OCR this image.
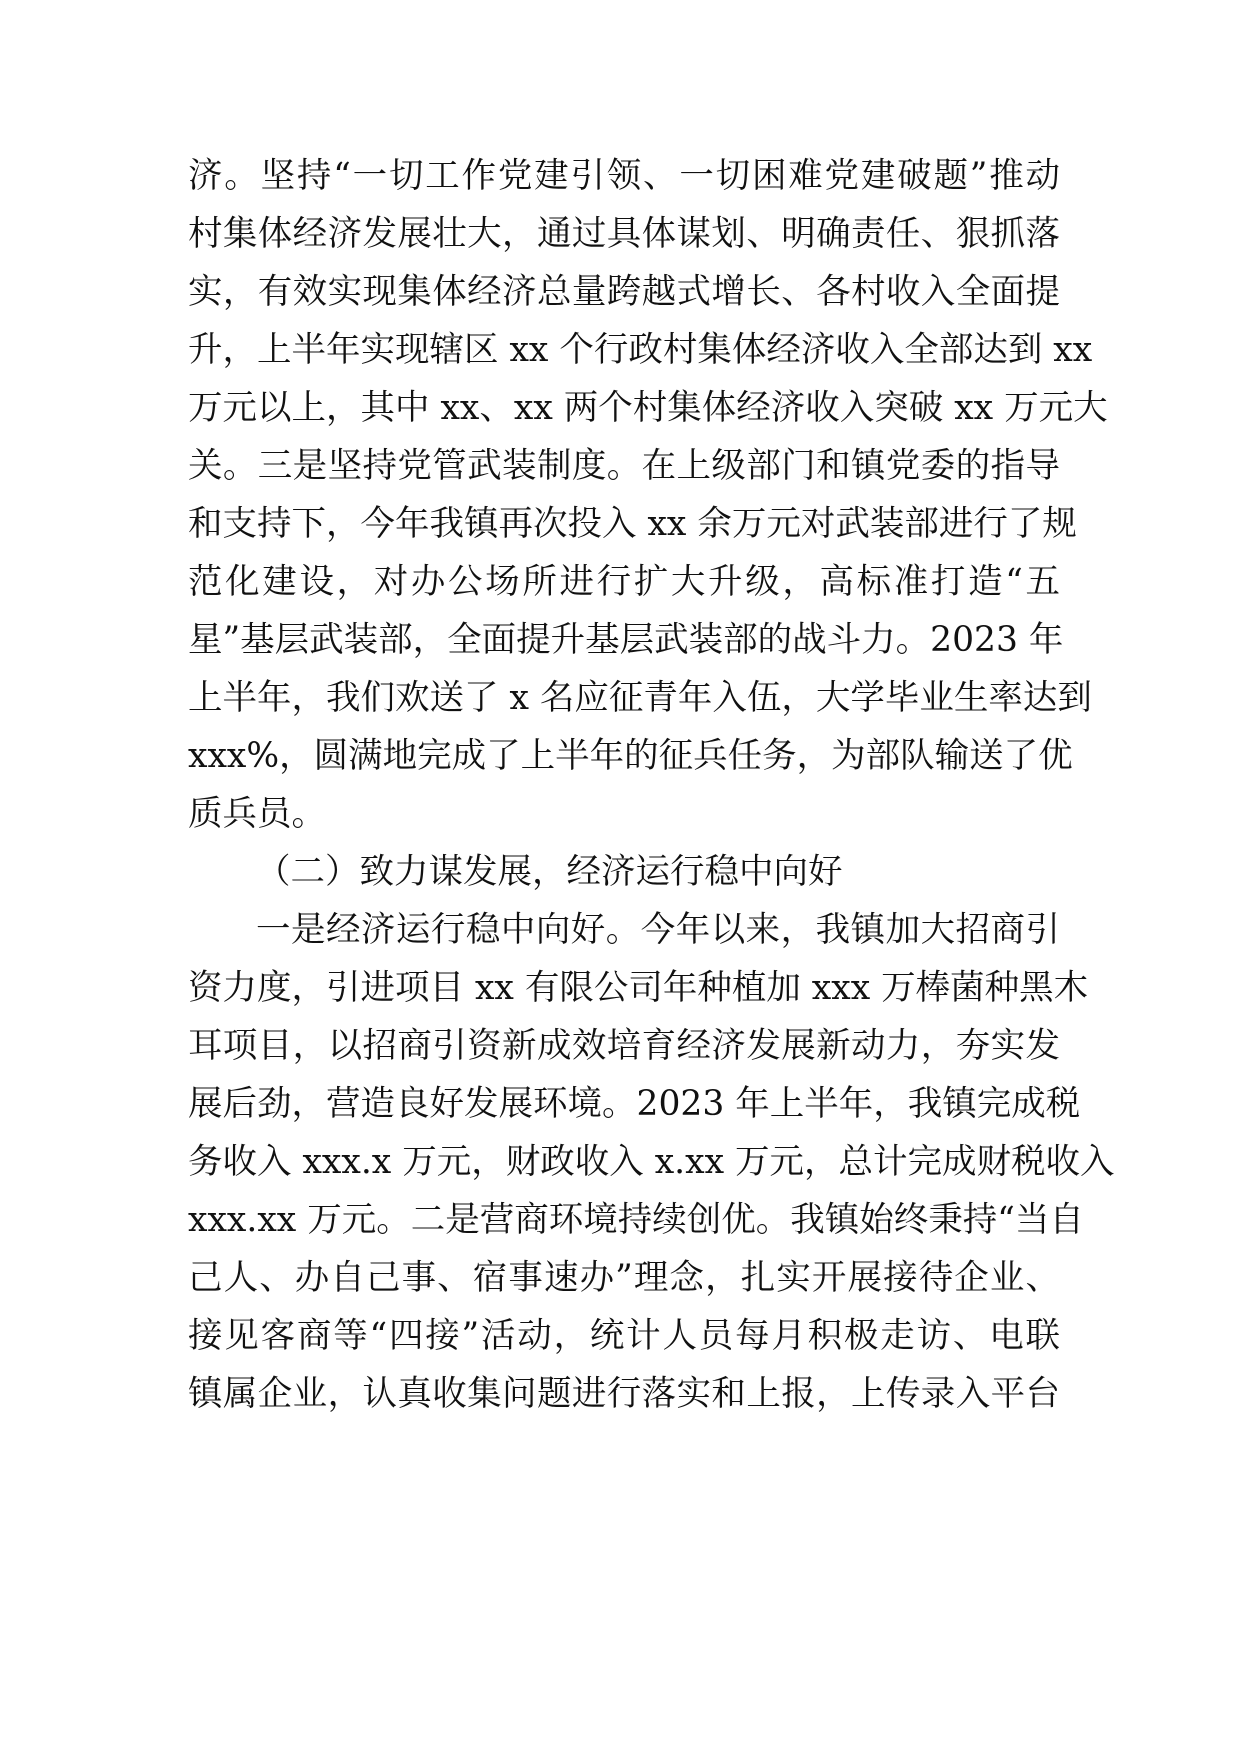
济。坚持“一切工作党建引领、一切困难党建破题”推动
村集体经济发展壮大，通过具体谋划、明确责任、狠抓落
实，有效实现集体经济总量跨越式增长、各村收入全面提
升，上半年实现辖区 xx 个行政村集体经济收入全部达到 xx
万元以上，其中 xx、xx 两个村集体经济收入突破 xx 万元大
关。三是坚持党管武装制度。在上级部门和镇党委的指导
和支持下，今年我镇再次投入 xx 余万元对武装部进行了规
范化建设，对办公场所进行扩大升级，高标准打造“五
星”基层武装部，全面提升基层武装部的战斗力。2023 年
上半年，我们欢送了 x 名应征青年入伍，大学毕业生率达到
xxx%，圆满地完成了上半年的征兵任务，为部队输送了优
质兵员。
（二）致力谋发展，经济运行稳中向好
一是经济运行稳中向好。今年以来，我镇加大招商引
资力度，引进项目 xx 有限公司年种植加 xxx 万棒菌种黑木
耳项目，以招商引资新成效培育经济发展新动力，夯实发
展后劲，营造良好发展环境。2023 年上半年，我镇完成税
务收入 xxx.x 万元，财政收入 x.xx 万元，总计完成财税收入
xxx.xx 万元。二是营商环境持续创优。我镇始终秉持“当自
己人、办自己事、宿事速办”理念，扎实开展接待企业、
接见客商等“四接”活动，统计人员每月积极走访、电联
镇属企业，认真收集问题进行落实和上报，上传录入平台
